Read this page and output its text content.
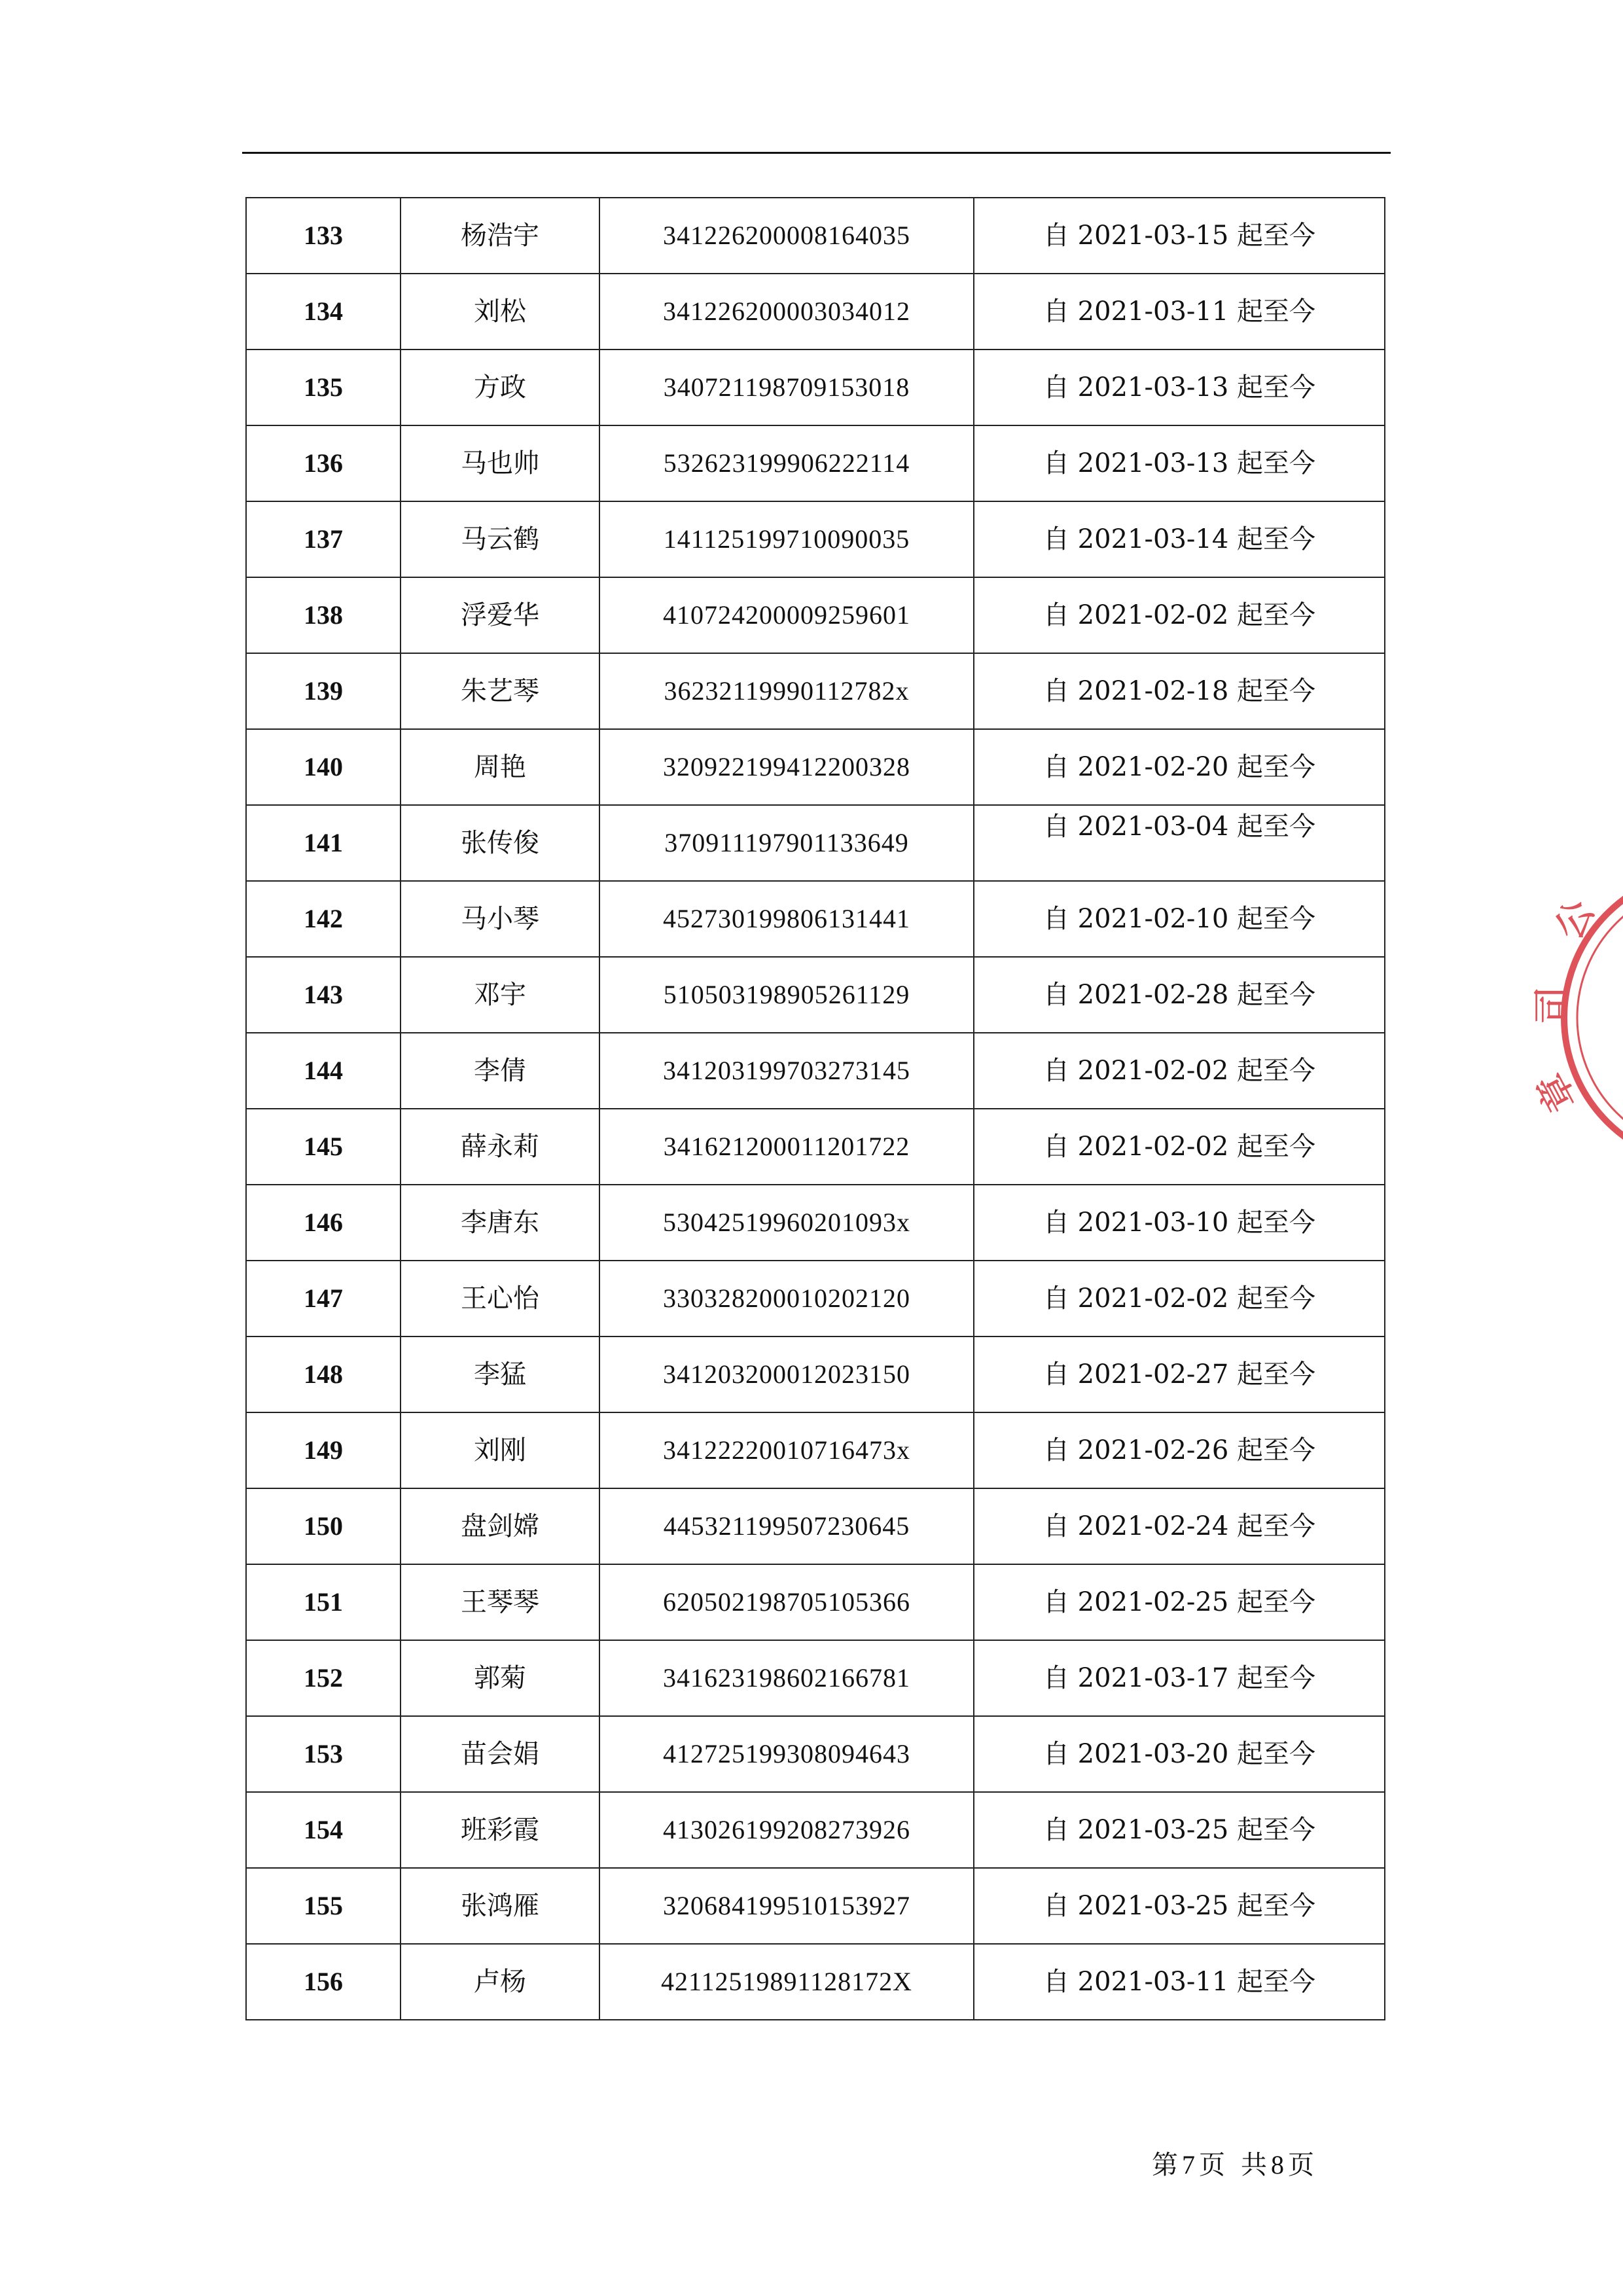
133	杨浩宇	341226200008164035	自 2021-03-15 起至今
134	刘松	341226200003034012	自 2021-03-11 起至今
135	方政	340721198709153018	自 2021-03-13 起至今
136	马也帅	532623199906222114	自 2021-03-13 起至今
137	马云鹤	141125199710090035	自 2021-03-14 起至今
138	浮爱华	410724200009259601	自 2021-02-02 起至今
139	朱艺琴	36232119990112782x	自 2021-02-18 起至今
140	周艳	320922199412200328	自 2021-02-20 起至今
141	张传俊	370911197901133649	自 2021-03-04 起至今
142	马小琴	452730199806131441	自 2021-02-10 起至今
143	邓宇	510503198905261129	自 2021-02-28 起至今
144	李倩	341203199703273145	自 2021-02-02 起至今
145	薛永莉	341621200011201722	自 2021-02-02 起至今
146	李唐东	53042519960201093x	自 2021-03-10 起至今
147	王心怡	330328200010202120	自 2021-02-02 起至今
148	李猛	341203200012023150	自 2021-02-27 起至今
149	刘刚	34122220010716473x	自 2021-02-26 起至今
150	盘剑嫦	445321199507230645	自 2021-02-24 起至今
151	王琴琴	620502198705105366	自 2021-02-25 起至今
152	郭菊	341623198602166781	自 2021-03-17 起至今
153	苗会娟	412725199308094643	自 2021-03-20 起至今
154	班彩霞	413026199208273926	自 2021-03-25 起至今
155	张鸿雁	320684199510153927	自 2021-03-25 起至今
156	卢杨	42112519891128172X	自 2021-03-11 起至今
第 7 页 共 8 页
公
司
章
